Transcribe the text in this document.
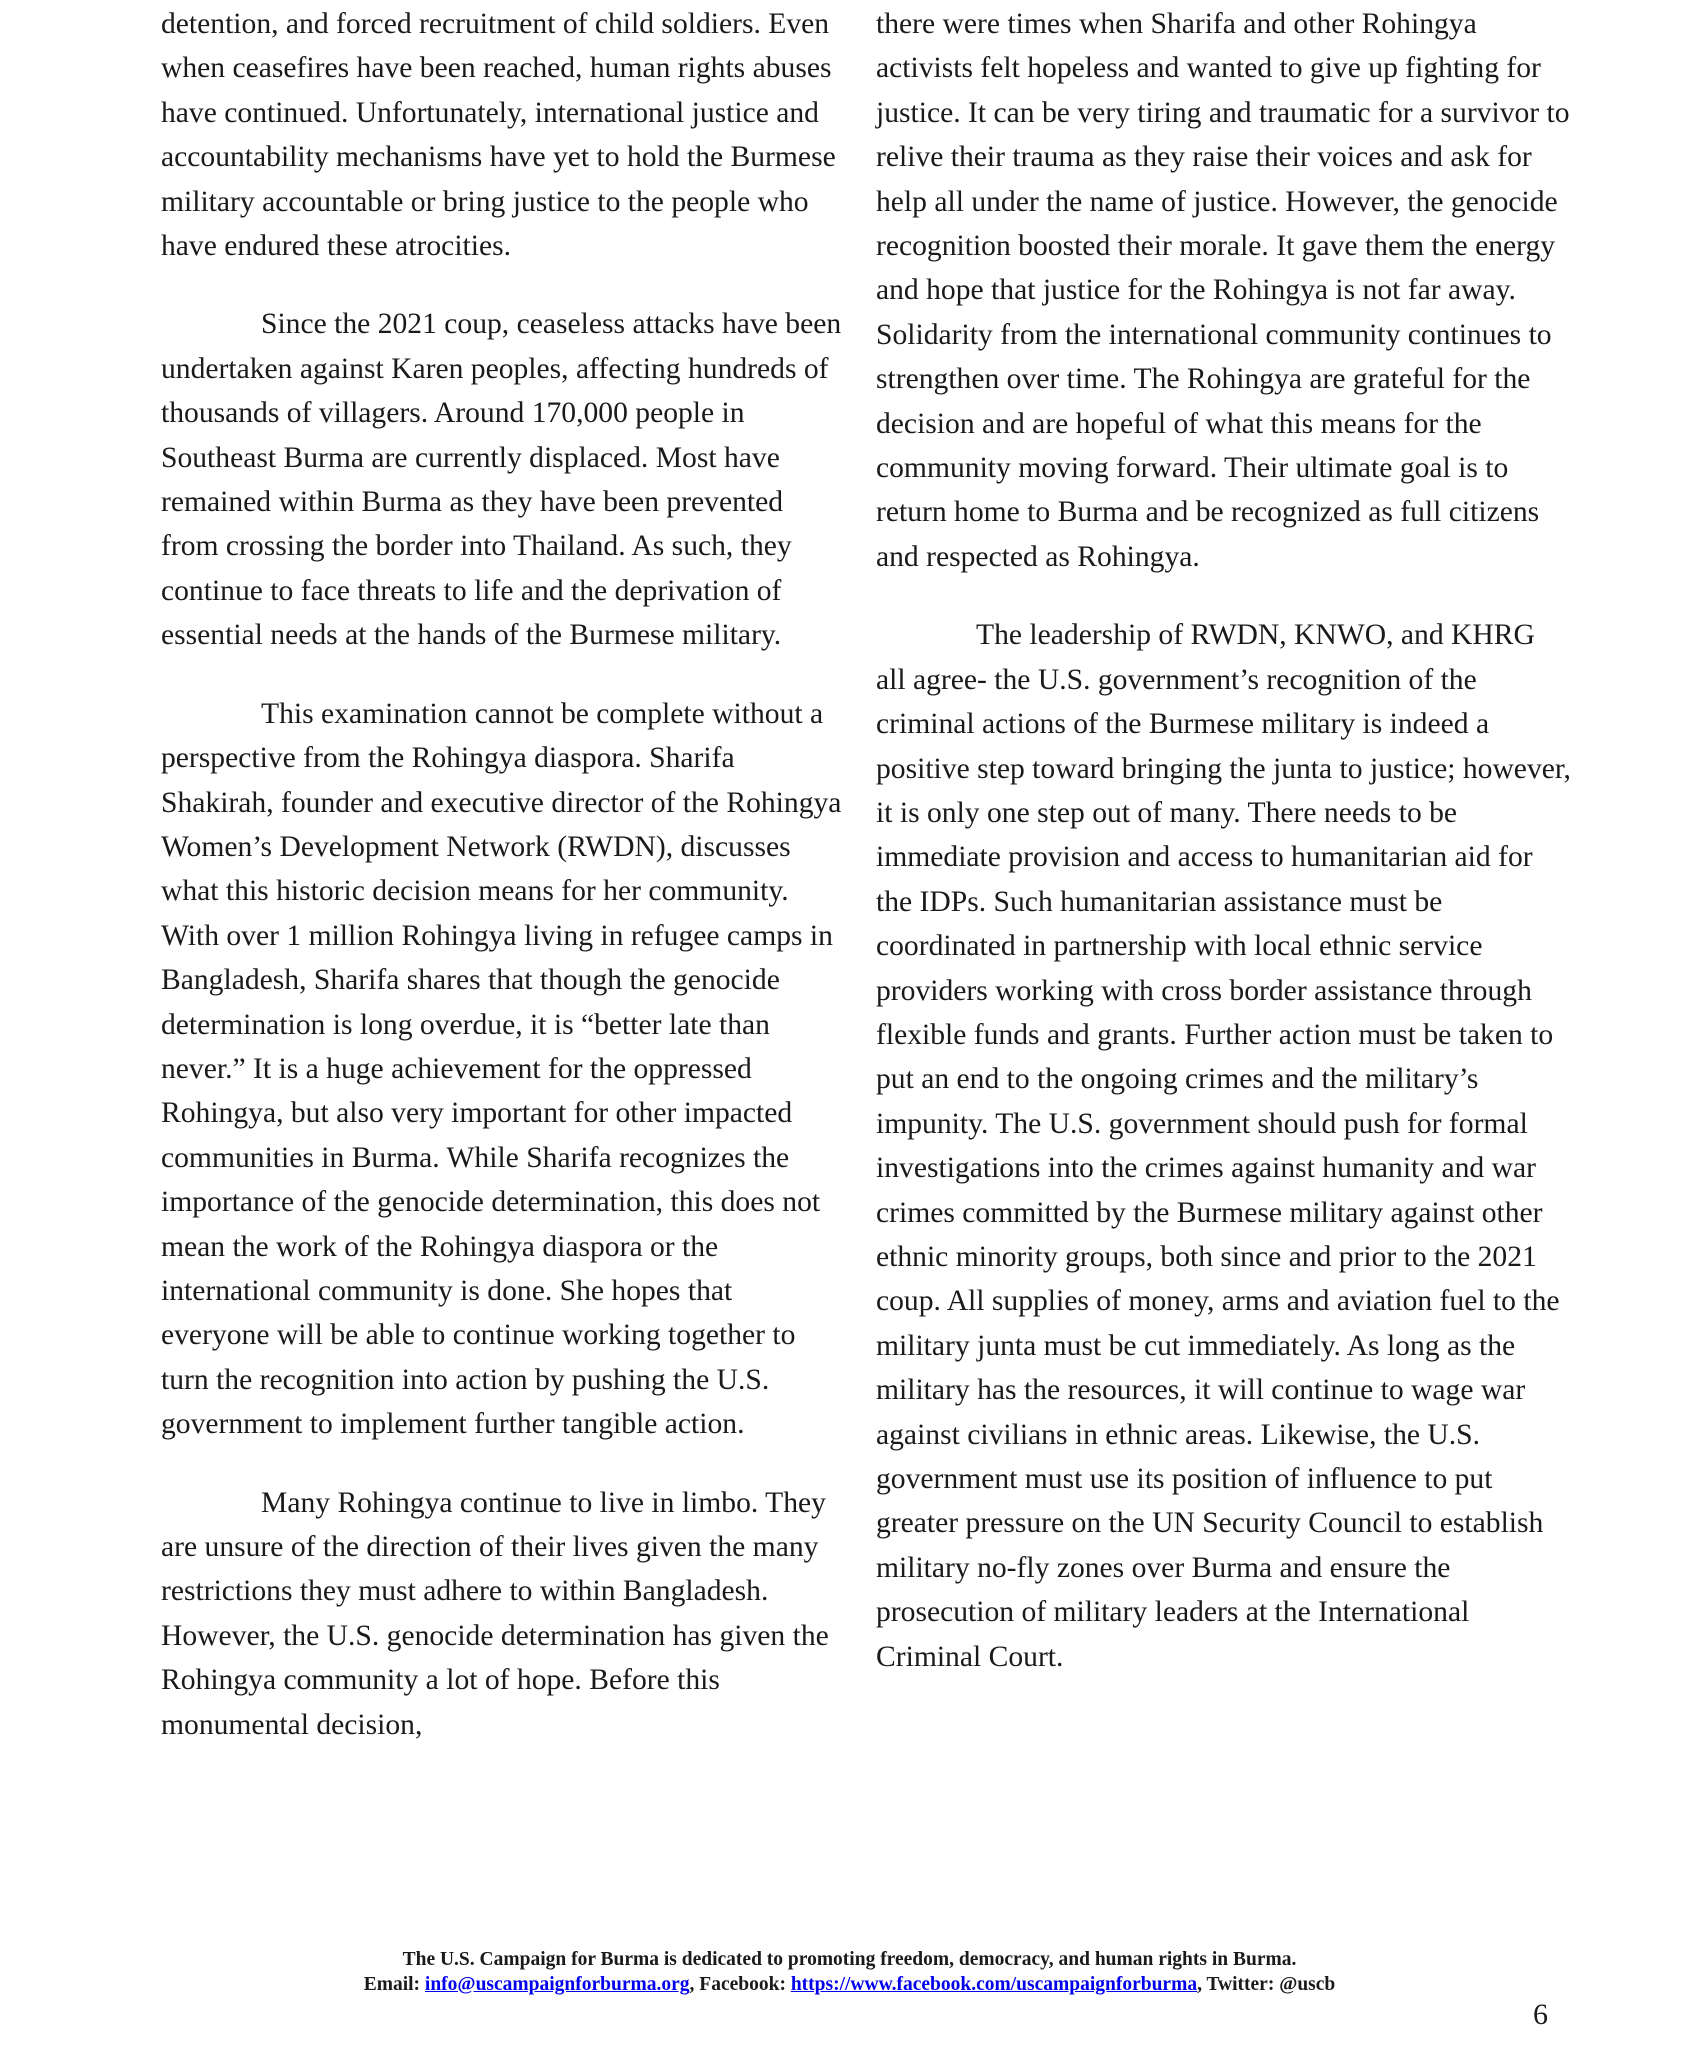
detention, and forced recruitment of child soldiers. Even when ceasefires have been reached, human rights abuses have continued. Unfortunately, international justice and accountability mechanisms have yet to hold the Burmese military accountable or bring justice to the people who have endured these atrocities.

Since the 2021 coup, ceaseless attacks have been undertaken against Karen peoples, affecting hundreds of thousands of villagers. Around 170,000 people in Southeast Burma are currently displaced. Most have remained within Burma as they have been prevented from crossing the border into Thailand. As such, they continue to face threats to life and the deprivation of essential needs at the hands of the Burmese military.

This examination cannot be complete without a perspective from the Rohingya diaspora. Sharifa Shakirah, founder and executive director of the Rohingya Women’s Development Network (RWDN), discusses what this historic decision means for her community. With over 1 million Rohingya living in refugee camps in Bangladesh, Sharifa shares that though the genocide determination is long overdue, it is “better late than never.” It is a huge achievement for the oppressed Rohingya, but also very important for other impacted communities in Burma. While Sharifa recognizes the importance of the genocide determination, this does not mean the work of the Rohingya diaspora or the international community is done. She hopes that everyone will be able to continue working together to turn the recognition into action by pushing the U.S. government to implement further tangible action.

Many Rohingya continue to live in limbo. They are unsure of the direction of their lives given the many restrictions they must adhere to within Bangladesh. However, the U.S. genocide determination has given the Rohingya community a lot of hope. Before this monumental decision,

there were times when Sharifa and other Rohingya activists felt hopeless and wanted to give up fighting for justice. It can be very tiring and traumatic for a survivor to relive their trauma as they raise their voices and ask for help all under the name of justice. However, the genocide recognition boosted their morale. It gave them the energy and hope that justice for the Rohingya is not far away. Solidarity from the international community continues to strengthen over time. The Rohingya are grateful for the decision and are hopeful of what this means for the community moving forward. Their ultimate goal is to return home to Burma and be recognized as full citizens and respected as Rohingya.

The leadership of RWDN, KNWO, and KHRG all agree- the U.S. government’s recognition of the criminal actions of the Burmese military is indeed a positive step toward bringing the junta to justice; however, it is only one step out of many. There needs to be immediate provision and access to humanitarian aid for the IDPs. Such humanitarian assistance must be coordinated in partnership with local ethnic service providers working with cross border assistance through flexible funds and grants. Further action must be taken to put an end to the ongoing crimes and the military’s impunity. The U.S. government should push for formal investigations into the crimes against humanity and war crimes committed by the Burmese military against other ethnic minority groups, both since and prior to the 2021 coup. All supplies of money, arms and aviation fuel to the military junta must be cut immediately. As long as the military has the resources, it will continue to wage war against civilians in ethnic areas. Likewise, the U.S. government must use its position of influence to put greater pressure on the UN Security Council to establish military no-fly zones over Burma and ensure the prosecution of military leaders at the International Criminal Court.

The U.S. Campaign for Burma is dedicated to promoting freedom, democracy, and human rights in Burma.
Email: info@uscampaignforburma.org, Facebook: https://www.facebook.com/uscampaignforburma, Twitter: @uscb
6
